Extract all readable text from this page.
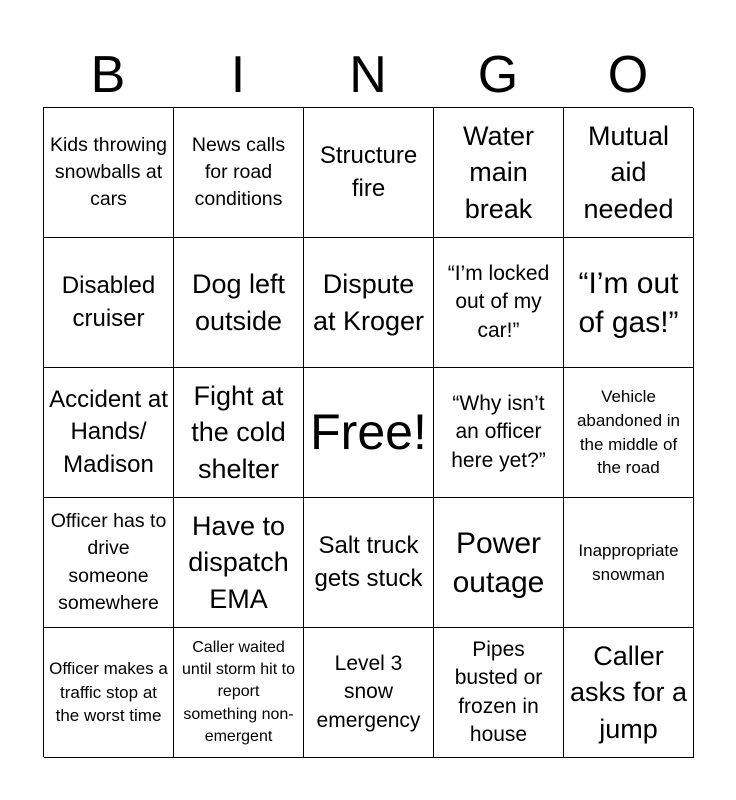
B	I	N	G	O
Kids throwing snowballs at cars
News calls for road conditions
Structure fire
Water main break
Mutual aid needed
Disabled cruiser
Dog left outside
Dispute at Kroger
“I’m locked out of my car!”
“I’m out of gas!”
Accident at Hands/ Madison
Fight at the cold shelter
Free!
“Why isn’t an officer here yet?”
Vehicle abandoned in the middle of the road
Officer has to drive someone somewhere
Have to dispatch EMA
Salt truck gets stuck
Power outage
Inappropriate snowman
Officer makes a traffic stop at the worst time
Caller waited until storm hit to report something non-emergent
Level 3 snow emergency
Pipes busted or frozen in house
Caller asks for a jump
